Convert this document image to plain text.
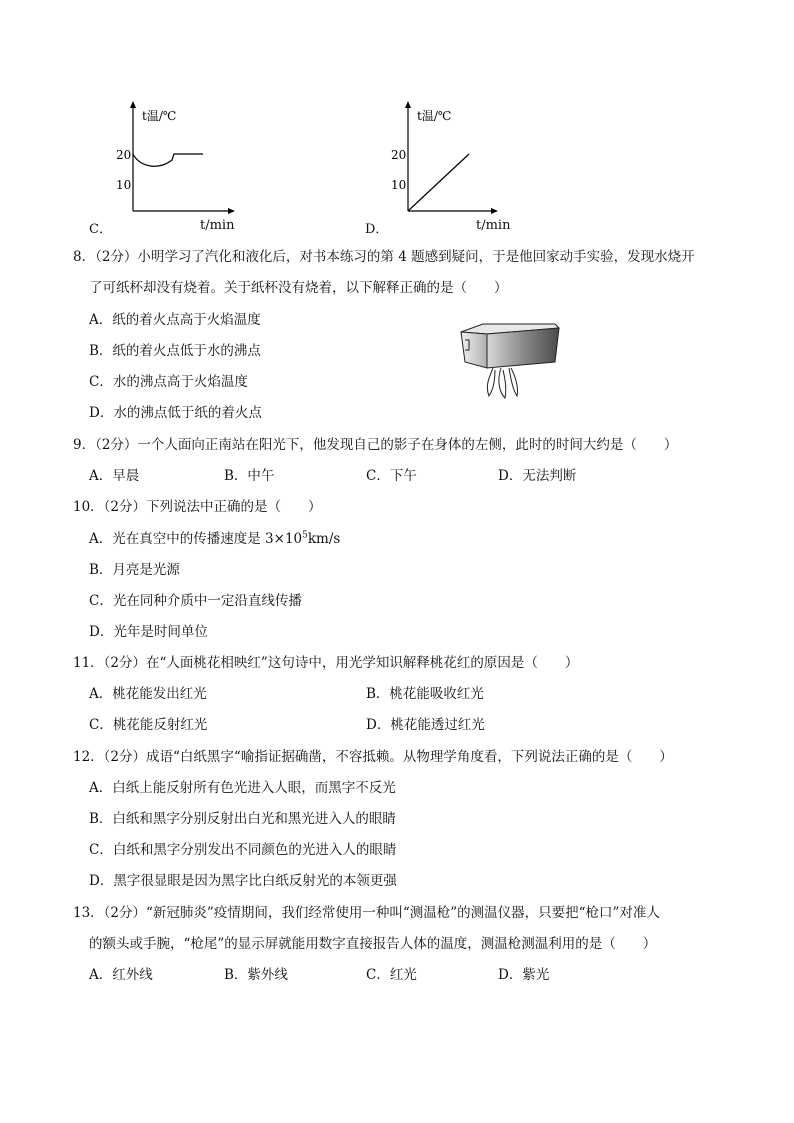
t温/℃
20
10
t/min
C．
t温/℃
20
10
t/min
D．
8．（2分）小明学习了汽化和液化后，对书本练习的第 4 题感到疑问，于是他回家动手实验，发现水烧开
了可纸杯却没有烧着。关于纸杯没有烧着，以下解释正确的是（　　）
A．纸的着火点高于火焰温度
B．纸的着火点低于水的沸点
C．水的沸点高于火焰温度
D．水的沸点低于纸的着火点
9．（2分）一个人面向正南站在阳光下，他发现自己的影子在身体的左侧，此时的时间大约是（　　）
A．早晨	B．中午	C．下午	D．无法判断
10．（2分）下列说法中正确的是（　　）
A．光在真空中的传播速度是 $3\times 10^5km/s$
B．月亮是光源
C．光在同种介质中一定沿直线传播
D．光年是时间单位
11．（2分）在“人面桃花相映红”这句诗中，用光学知识解释桃花红的原因是（　　）
A．桃花能发出红光	B．桃花能吸收红光
C．桃花能反射红光	D．桃花能透过红光
12．（2分）成语“白纸黑字“喻指证据确凿，不容抵赖。从物理学角度看，下列说法正确的是（　　）
A．白纸上能反射所有色光进入人眼，而黑字不反光
B．白纸和黑字分别反射出白光和黑光进入人的眼睛
C．白纸和黑字分别发出不同颜色的光进入人的眼睛
D．黑字很显眼是因为黑字比白纸反射光的本领更强
13．（2分）“新冠肺炎”疫情期间，我们经常使用一种叫“测温枪”的测温仪器，只要把“枪口”对准人
的额头或手腕，“枪尾”的显示屏就能用数字直接报告人体的温度，测温枪测温利用的是（　　）
A．红外线	B．紫外线	C．红光	D．紫光
